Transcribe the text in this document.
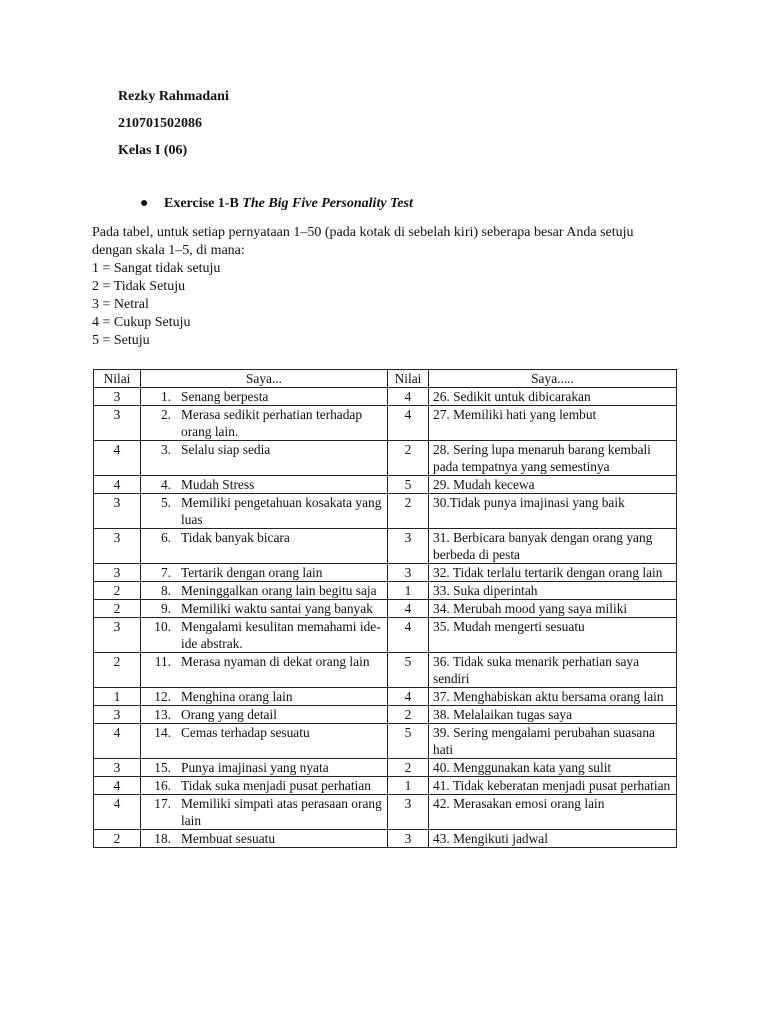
Rezky Rahmadani
210701502086
Kelas I (06)
● Exercise 1-B The Big Five Personality Test

Pada tabel, untuk setiap pernyataan 1–50 (pada kotak di sebelah kiri) seberapa besar Anda setuju dengan skala 1–5, di mana:

1 = Sangat tidak setuju

2 = Tidak Setuju

3 = Netral

4 = Cukup Setuju

5 = Setuju

Nilai	Saya...	Nilai	Saya.....
3	1. Senang berpesta	4	26. Sedikit untuk dibicarakan
3	2. Merasa sedikit perhatian terhadap orang lain.	4	27. Memiliki hati yang lembut
4	3. Selalu siap sedia	2	28. Sering lupa menaruh barang kembali pada tempatnya yang semestinya
4	4. Mudah Stress	5	29. Mudah kecewa
3	5. Memiliki pengetahuan kosakata yang luas	2	30.Tidak punya imajinasi yang baik
3	6. Tidak banyak bicara	3	31. Berbicara banyak dengan orang yang berbeda di pesta
3	7. Tertarik dengan orang lain	3	32. Tidak terlalu tertarik dengan orang lain
2	8. Meninggalkan orang lain begitu saja	1	33. Suka diperintah
2	9. Memiliki waktu santai yang banyak	4	34. Merubah mood yang saya miliki
3	10. Mengalami kesulitan memahami ide-ide abstrak.	4	35. Mudah mengerti sesuatu
2	11. Merasa nyaman di dekat orang lain	5	36. Tidak suka menarik perhatian saya sendiri
1	12. Menghina orang lain	4	37. Menghabiskan aktu bersama orang lain
3	13. Orang yang detail	2	38. Melalaikan tugas saya
4	14. Cemas terhadap sesuatu	5	39. Sering mengalami perubahan suasana hati
3	15. Punya imajinasi yang nyata	2	40. Menggunakan kata yang sulit
4	16. Tidak suka menjadi pusat perhatian	1	41. Tidak keberatan menjadi pusat perhatian
4	17. Memiliki simpati atas perasaan orang lain	3	42. Merasakan emosi orang lain
2	18. Membuat sesuatu	3	43. Mengikuti jadwal
